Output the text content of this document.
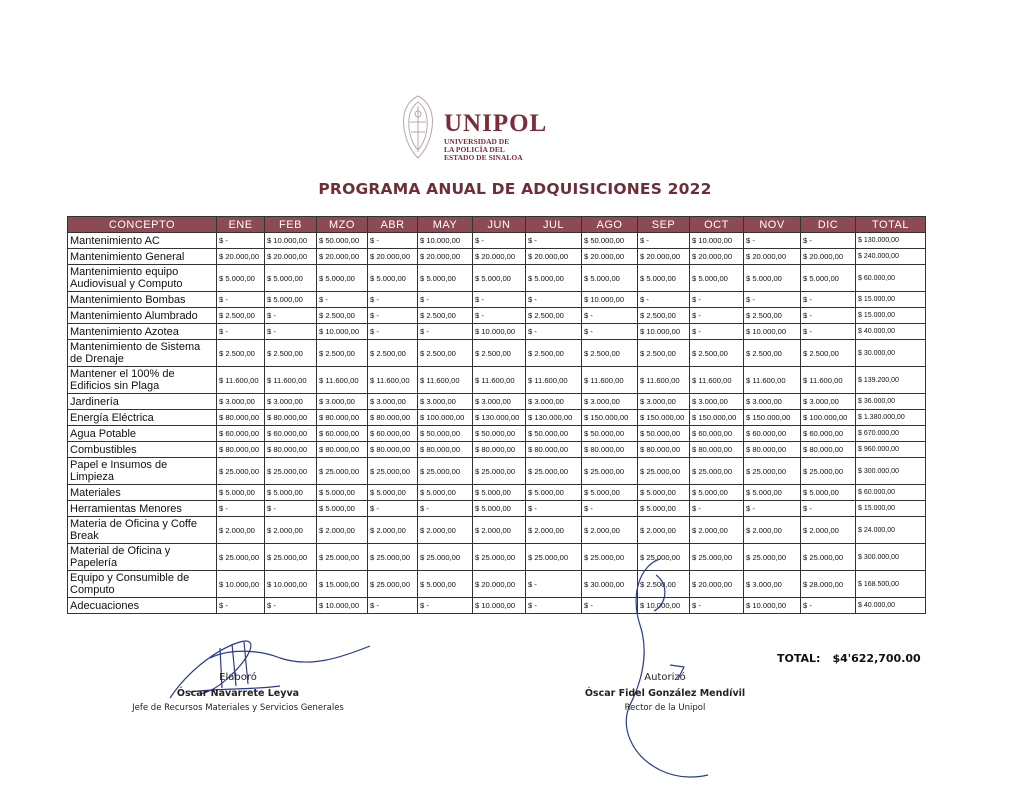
UNIPOL
UNIVERSIDAD DE
LA POLICÍA DEL
ESTADO DE SINALOA
PROGRAMA ANUAL DE ADQUISICIONES 2022
CONCEPTO	ENE	FEB	MZO	ABR	MAY	JUN	JUL	AGO	SEP	OCT	NOV	DIC	TOTAL
Mantenimiento AC	$ -	$ 10.000,00	$ 50.000,00	$ -	$ 10.000,00	$ -	$ -	$ 50.000,00	$ -	$ 10.000,00	$ -	$ -	$ 130.000,00
Mantenimiento General	$ 20.000,00	$ 20.000,00	$ 20.000,00	$ 20.000,00	$ 20.000,00	$ 20.000,00	$ 20.000,00	$ 20.000,00	$ 20.000,00	$ 20.000,00	$ 20.000,00	$ 20.000,00	$ 240.000,00
Mantenimiento equipo Audiovisual y Computo	$ 5.000,00	$ 5.000,00	$ 5.000,00	$ 5.000,00	$ 5.000,00	$ 5.000,00	$ 5.000,00	$ 5.000,00	$ 5.000,00	$ 5.000,00	$ 5.000,00	$ 5.000,00	$ 60.000,00
Mantenimiento Bombas	$ -	$ 5.000,00	$ -	$ -	$ -	$ -	$ -	$ 10.000,00	$ -	$ -	$ -	$ -	$ 15.000,00
Mantenimiento Alumbrado	$ 2.500,00	$ -	$ 2.500,00	$ -	$ 2.500,00	$ -	$ 2.500,00	$ -	$ 2.500,00	$ -	$ 2.500,00	$ -	$ 15.000,00
Mantenimiento Azotea	$ -	$ -	$ 10.000,00	$ -	$ -	$ 10.000,00	$ -	$ -	$ 10.000,00	$ -	$ 10.000,00	$ -	$ 40.000,00
Mantenimiento de Sistema de Drenaje	$ 2.500,00	$ 2.500,00	$ 2.500,00	$ 2.500,00	$ 2.500,00	$ 2.500,00	$ 2.500,00	$ 2.500,00	$ 2.500,00	$ 2.500,00	$ 2.500,00	$ 2.500,00	$ 30.000,00
Mantener el 100% de Edificios sin Plaga	$ 11.600,00	$ 11.600,00	$ 11.600,00	$ 11.600,00	$ 11.600,00	$ 11.600,00	$ 11.600,00	$ 11.600,00	$ 11.600,00	$ 11.600,00	$ 11.600,00	$ 11.600,00	$ 139.200,00
Jardinería	$ 3.000,00	$ 3.000,00	$ 3.000,00	$ 3.000,00	$ 3.000,00	$ 3.000,00	$ 3.000,00	$ 3.000,00	$ 3.000,00	$ 3.000,00	$ 3.000,00	$ 3.000,00	$ 36.000,00
Energía Eléctrica	$ 80.000,00	$ 80.000,00	$ 80.000,00	$ 80.000,00	$ 100.000,00	$ 130.000,00	$ 130.000,00	$ 150.000,00	$ 150.000,00	$ 150.000,00	$ 150.000,00	$ 100.000,00	$ 1.380.000,00
Agua Potable	$ 60.000,00	$ 60.000,00	$ 60.000,00	$ 60.000,00	$ 50.000,00	$ 50.000,00	$ 50.000,00	$ 50.000,00	$ 50.000,00	$ 60.000,00	$ 60.000,00	$ 60.000,00	$ 670.000,00
Combustibles	$ 80.000,00	$ 80.000,00	$ 80.000,00	$ 80.000,00	$ 80.000,00	$ 80.000,00	$ 80.000,00	$ 80.000,00	$ 80.000,00	$ 80.000,00	$ 80.000,00	$ 80.000,00	$ 960.000,00
Papel e Insumos de Limpieza	$ 25.000,00	$ 25.000,00	$ 25.000,00	$ 25.000,00	$ 25.000,00	$ 25.000,00	$ 25.000,00	$ 25.000,00	$ 25.000,00	$ 25.000,00	$ 25.000,00	$ 25.000,00	$ 300.000,00
Materiales	$ 5.000,00	$ 5.000,00	$ 5.000,00	$ 5.000,00	$ 5.000,00	$ 5.000,00	$ 5.000,00	$ 5.000,00	$ 5.000,00	$ 5.000,00	$ 5.000,00	$ 5.000,00	$ 60.000,00
Herramientas Menores	$ -	$ -	$ 5.000,00	$ -	$ -	$ 5.000,00	$ -	$ -	$ 5.000,00	$ -	$ -	$ -	$ 15.000,00
Materia de Oficina y Coffe Break	$ 2.000,00	$ 2.000,00	$ 2.000,00	$ 2.000,00	$ 2.000,00	$ 2.000,00	$ 2.000,00	$ 2.000,00	$ 2.000,00	$ 2.000,00	$ 2.000,00	$ 2.000,00	$ 24.000,00
Material de Oficina y Papelería	$ 25.000,00	$ 25.000,00	$ 25.000,00	$ 25.000,00	$ 25.000,00	$ 25.000,00	$ 25.000,00	$ 25.000,00	$ 25.000,00	$ 25.000,00	$ 25.000,00	$ 25.000,00	$ 300.000,00
Equipo y Consumible de Computo	$ 10.000,00	$ 10.000,00	$ 15.000,00	$ 25.000,00	$ 5.000,00	$ 20.000,00	$ -	$ 30.000,00	$ 2.500,00	$ 20.000,00	$ 3.000,00	$ 28.000,00	$ 168.500,00
Adecuaciones	$ -	$ -	$ 10.000,00	$ -	$ -	$ 10.000,00	$ -	$ -	$ 10.000,00	$ -	$ 10.000,00	$ -	$ 40.000,00
TOTAL: $4'622,700.00
Elaboró
Óscar Navarrete Leyva
Jefe de Recursos Materiales y Servicios Generales
Autorizó
Óscar Fidel González Mendívil
Rector de la Unipol
